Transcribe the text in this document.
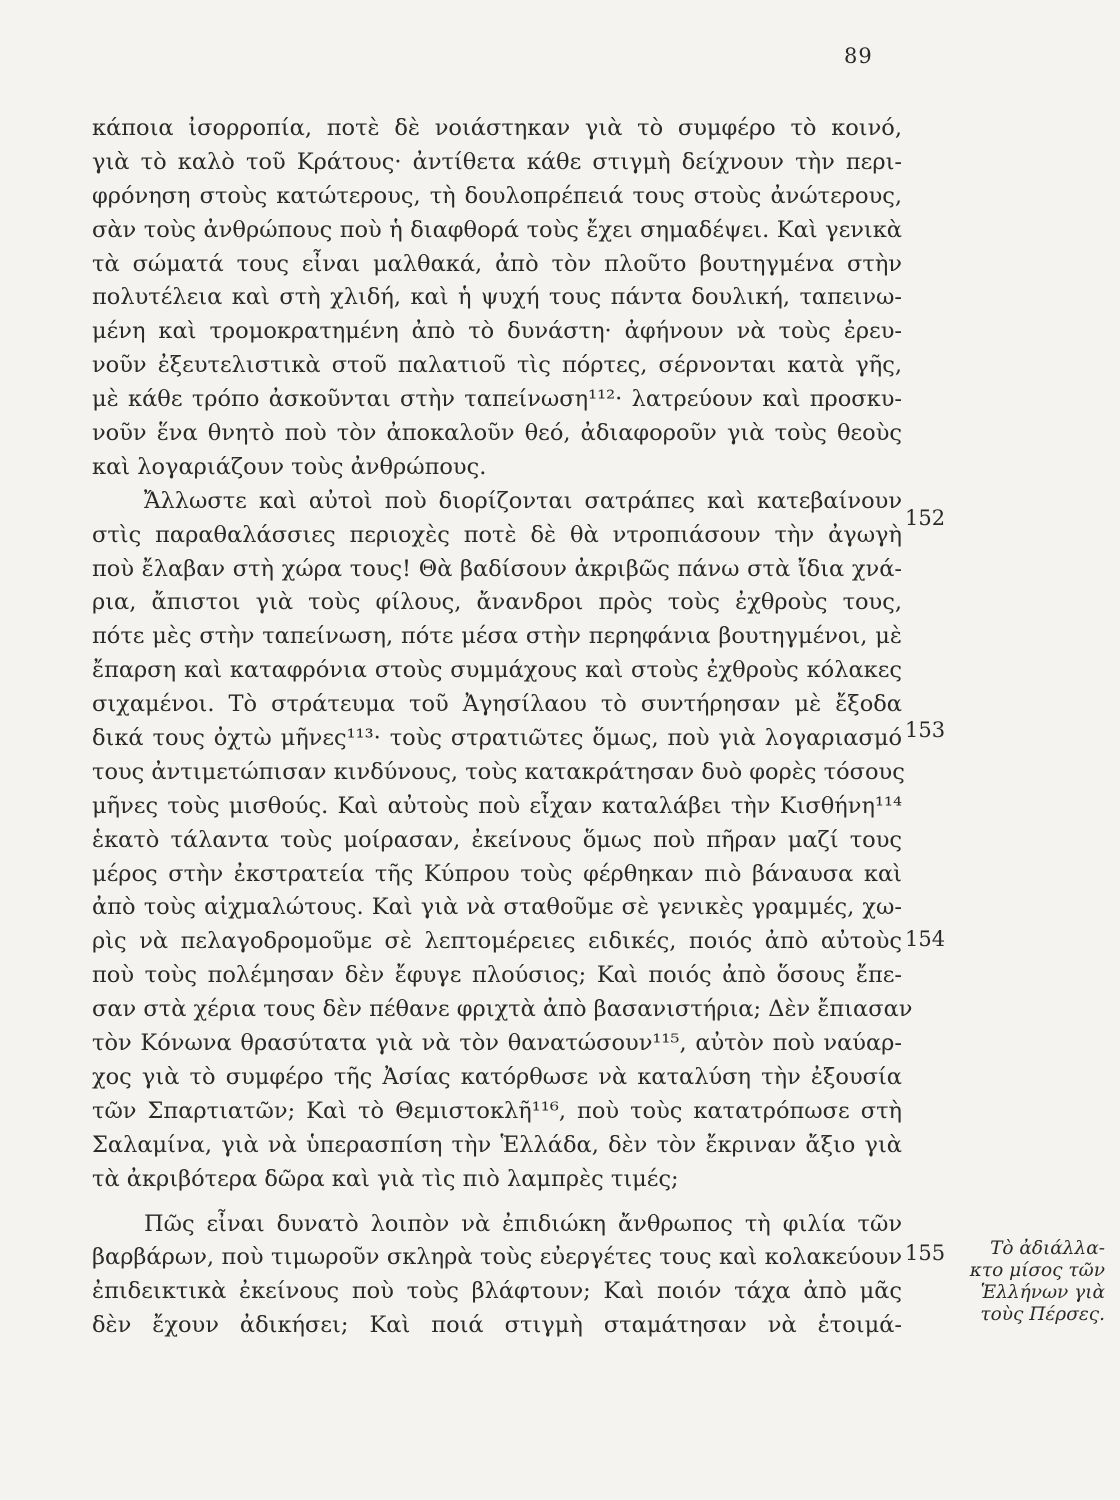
89
κάποια ἰσορροπία, ποτὲ δὲ νοιάστηκαν γιὰ τὸ συμφέρο τὸ κοινό,
γιὰ τὸ καλὸ τοῦ Κράτους· ἀντίθετα κάθε στιγμὴ δείχνουν τὴν περι-
φρόνηση στοὺς κατώτερους, τὴ δουλοπρέπειά τους στοὺς ἀνώτερους,
σὰν τοὺς ἀνθρώπους ποὺ ἡ διαφθορά τοὺς ἔχει σημαδέψει. Καὶ γενικὰ
τὰ σώματά τους εἶναι μαλθακά, ἀπὸ τὸν πλοῦτο βουτηγμένα στὴν
πολυτέλεια καὶ στὴ χλιδή, καὶ ἡ ψυχή τους πάντα δουλική, ταπεινω-
μένη καὶ τρομοκρατημένη ἀπὸ τὸ δυνάστη· ἀφήνουν νὰ τοὺς ἐρευ-
νοῦν ἐξευτελιστικὰ στοῦ παλατιοῦ τὶς πόρτες, σέρνονται κατὰ γῆς,
μὲ κάθε τρόπο ἀσκοῦνται στὴν ταπείνωση¹¹²· λατρεύουν καὶ προσκυ-
νοῦν ἕνα θνητὸ ποὺ τὸν ἀποκαλοῦν θεό, ἀδιαφοροῦν γιὰ τοὺς θεοὺς
καὶ λογαριάζουν τοὺς ἀνθρώπους.
Ἄλλωστε καὶ αὐτοὶ ποὺ διορίζονται σατράπες καὶ κατεβαίνουν
στὶς παραθαλάσσιες περιοχὲς ποτὲ δὲ θὰ ντροπιάσουν τὴν ἀγωγὴ
ποὺ ἔλαβαν στὴ χώρα τους! Θὰ βαδίσουν ἀκριβῶς πάνω στὰ ἴδια χνά-
ρια, ἄπιστοι γιὰ τοὺς φίλους, ἄνανδροι πρὸς τοὺς ἐχθροὺς τους,
πότε μὲς στὴν ταπείνωση, πότε μέσα στὴν περηφάνια βουτηγμένοι, μὲ
ἔπαρση καὶ καταφρόνια στοὺς συμμάχους καὶ στοὺς ἐχθροὺς κόλακες
σιχαμένοι. Τὸ στράτευμα τοῦ Ἀγησίλαου τὸ συντήρησαν μὲ ἔξοδα
δικά τους ὀχτὼ μῆνες¹¹³· τοὺς στρατιῶτες ὅμως, ποὺ γιὰ λογαριασμό
τους ἀντιμετώπισαν κινδύνους, τοὺς κατακράτησαν δυὸ φορὲς τόσους
μῆνες τοὺς μισθούς. Καὶ αὐτοὺς ποὺ εἶχαν καταλάβει τὴν Κισθήνη¹¹⁴
ἑκατὸ τάλαντα τοὺς μοίρασαν, ἐκείνους ὅμως ποὺ πῆραν μαζί τους
μέρος στὴν ἐκστρατεία τῆς Κύπρου τοὺς φέρθηκαν πιὸ βάναυσα καὶ
ἀπὸ τοὺς αἰχμαλώτους. Καὶ γιὰ νὰ σταθοῦμε σὲ γενικὲς γραμμές, χω-
ρὶς νὰ πελαγοδρομοῦμε σὲ λεπτομέρειες ειδικές, ποιός ἀπὸ αὐτοὺς
ποὺ τοὺς πολέμησαν δὲν ἔφυγε πλούσιος; Καὶ ποιός ἀπὸ ὅσους ἔπε-
σαν στὰ χέρια τους δὲν πέθανε φριχτὰ ἀπὸ βασανιστήρια; Δὲν ἔπιασαν
τὸν Κόνωνα θρασύτατα γιὰ νὰ τὸν θανατώσουν¹¹⁵, αὐτὸν ποὺ ναύαρ-
χος γιὰ τὸ συμφέρο τῆς Ἀσίας κατόρθωσε νὰ καταλύση τὴν ἐξουσία
τῶν Σπαρτιατῶν; Καὶ τὸ Θεμιστοκλῆ¹¹⁶, ποὺ τοὺς κατατρόπωσε στὴ
Σαλαμίνα, γιὰ νὰ ὑπερασπίση τὴν Ἑλλάδα, δὲν τὸν ἔκριναν ἄξιο γιὰ
τὰ ἀκριβότερα δῶρα καὶ γιὰ τὶς πιὸ λαμπρὲς τιμές;
Πῶς εἶναι δυνατὸ λοιπὸν νὰ ἐπιδιώκη ἄνθρωπος τὴ φιλία τῶν
βαρβάρων, ποὺ τιμωροῦν σκληρὰ τοὺς εὐεργέτες τους καὶ κολακεύουν
ἐπιδεικτικὰ ἐκείνους ποὺ τοὺς βλάφτουν; Καὶ ποιόν τάχα ἀπὸ μᾶς
δὲν ἔχουν ἀδικήσει; Καὶ ποιά στιγμὴ σταμάτησαν νὰ ἑτοιμά-
152
153
154
155	Τὸ ἀδιάλλα-
κτο μίσος τῶν
Ἑλλήνων γιὰ
τοὺς Πέρσες.
